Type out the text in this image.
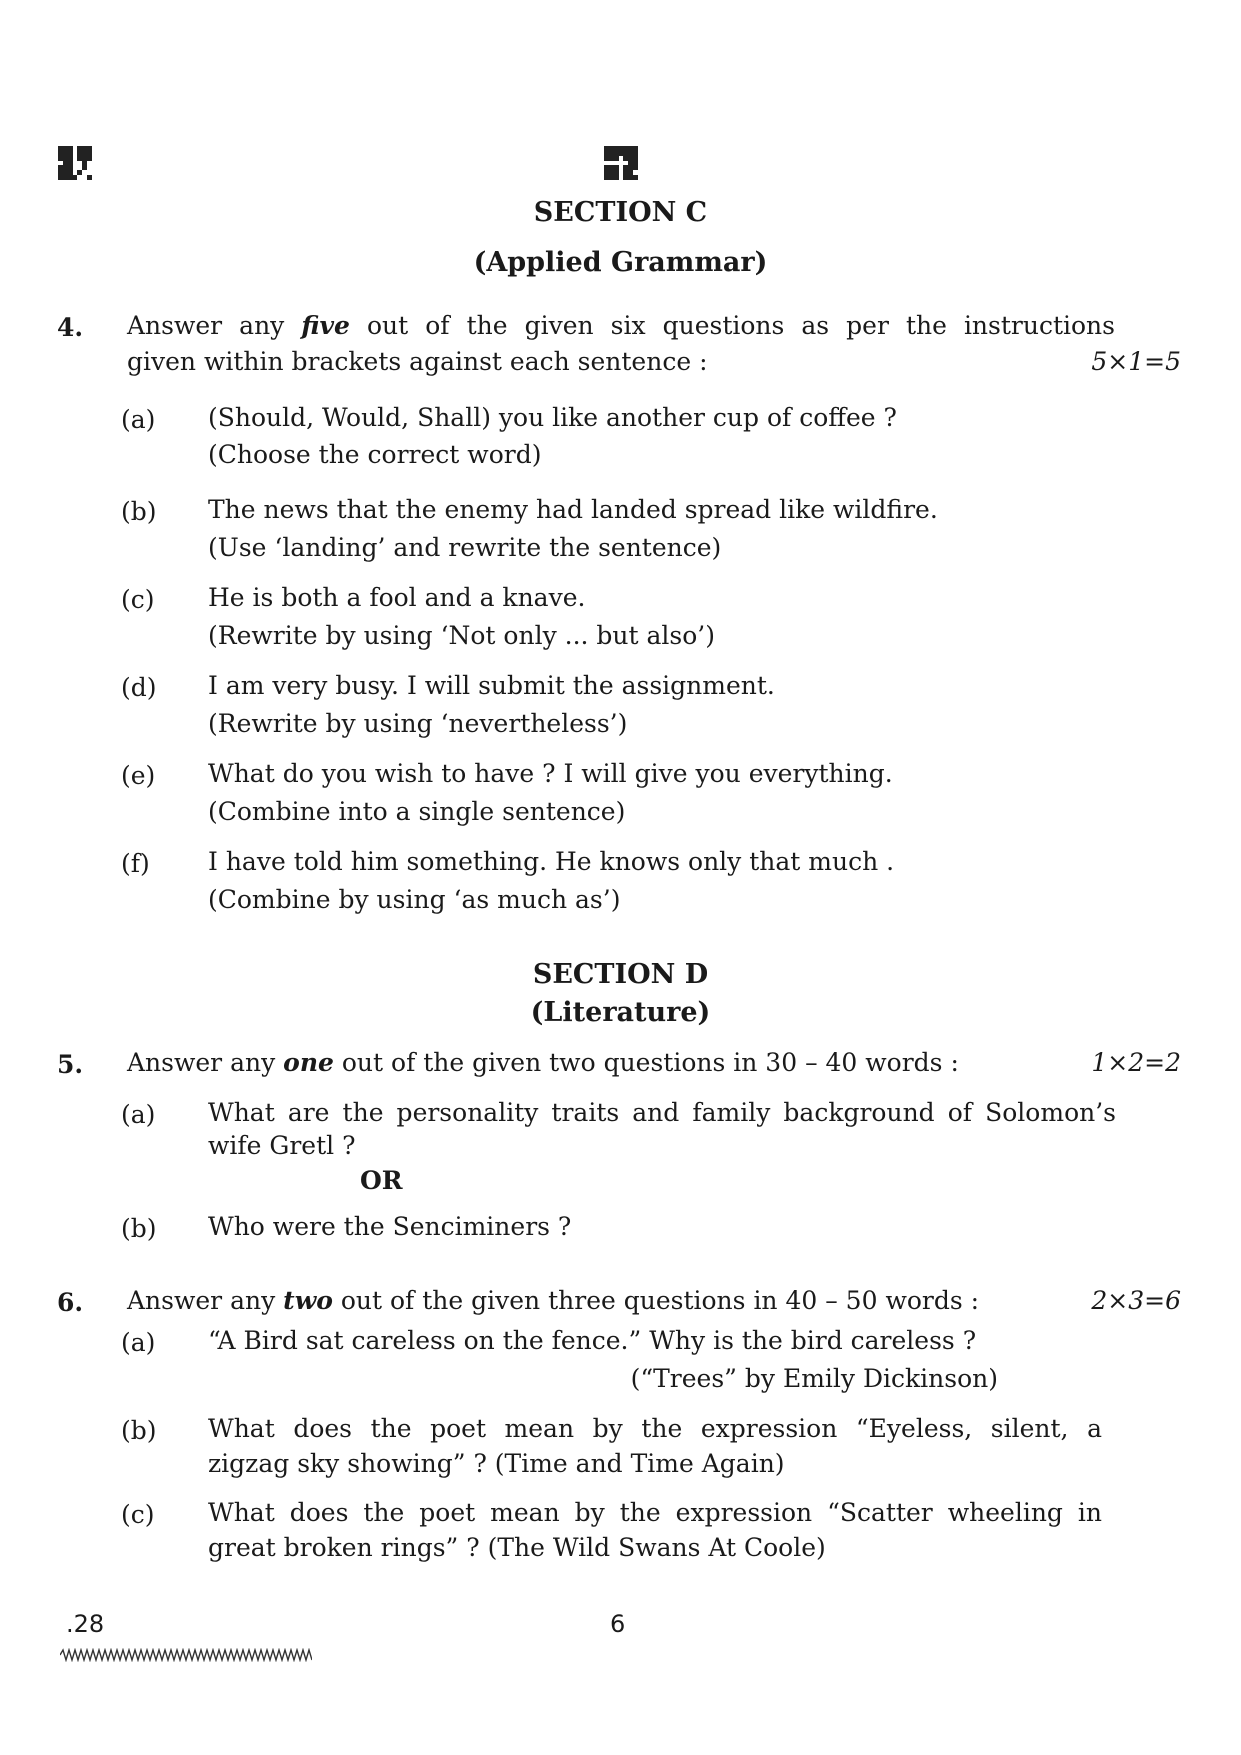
SECTION C
(Applied Grammar)
4. Answer any five out of the given six questions as per the instructions
given within brackets against each sentence :	5×1=5
(a) (Should, Would, Shall) you like another cup of coffee ?
(Choose the correct word)
(b) The news that the enemy had landed spread like wildfire.
(Use ‘landing’ and rewrite the sentence)
(c) He is both a fool and a knave.
(Rewrite by using ‘Not only ... but also’)
(d) I am very busy. I will submit the assignment.
(Rewrite by using ‘nevertheless’)
(e) What do you wish to have ? I will give you everything.
(Combine into a single sentence)
(f) I have told him something. He knows only that much .
(Combine by using ‘as much as’)
SECTION D
(Literature)
5. Answer any one out of the given two questions in 30 – 40 words :	1×2=2
(a) What are the personality traits and family background of Solomon’s
wife Gretl ?
OR
(b) Who were the Senciminers ?
6. Answer any two out of the given three questions in 40 – 50 words :	2×3=6
(a) “A Bird sat careless on the fence.” Why is the bird careless ?
(“Trees” by Emily Dickinson)
(b) What does the poet mean by the expression “Eyeless, silent, a
zigzag sky showing” ? (Time and Time Again)
(c) What does the poet mean by the expression “Scatter wheeling in
great broken rings” ? (The Wild Swans At Coole)
.28	6
